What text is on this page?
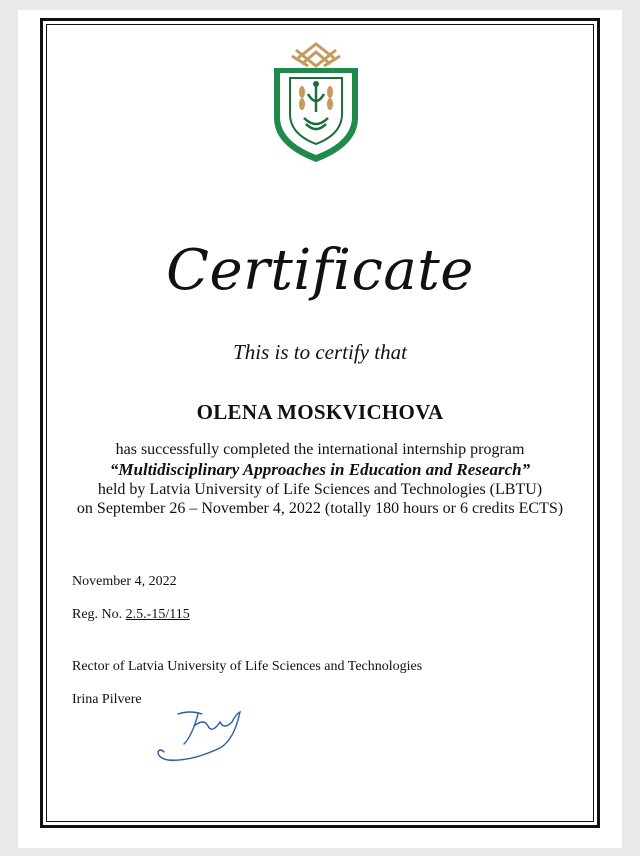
Certificate
This is to certify that
OLENA MOSKVICHOVA
has successfully completed the international internship program
“Multidisciplinary Approaches in Education and Research”
held by Latvia University of Life Sciences and Technologies (LBTU)
on September 26 – November 4, 2022 (totally 180 hours or 6 credits ECTS)
November 4, 2022
Reg. No. 2.5.-15/115
Rector of Latvia University of Life Sciences and Technologies
Irina Pilvere
